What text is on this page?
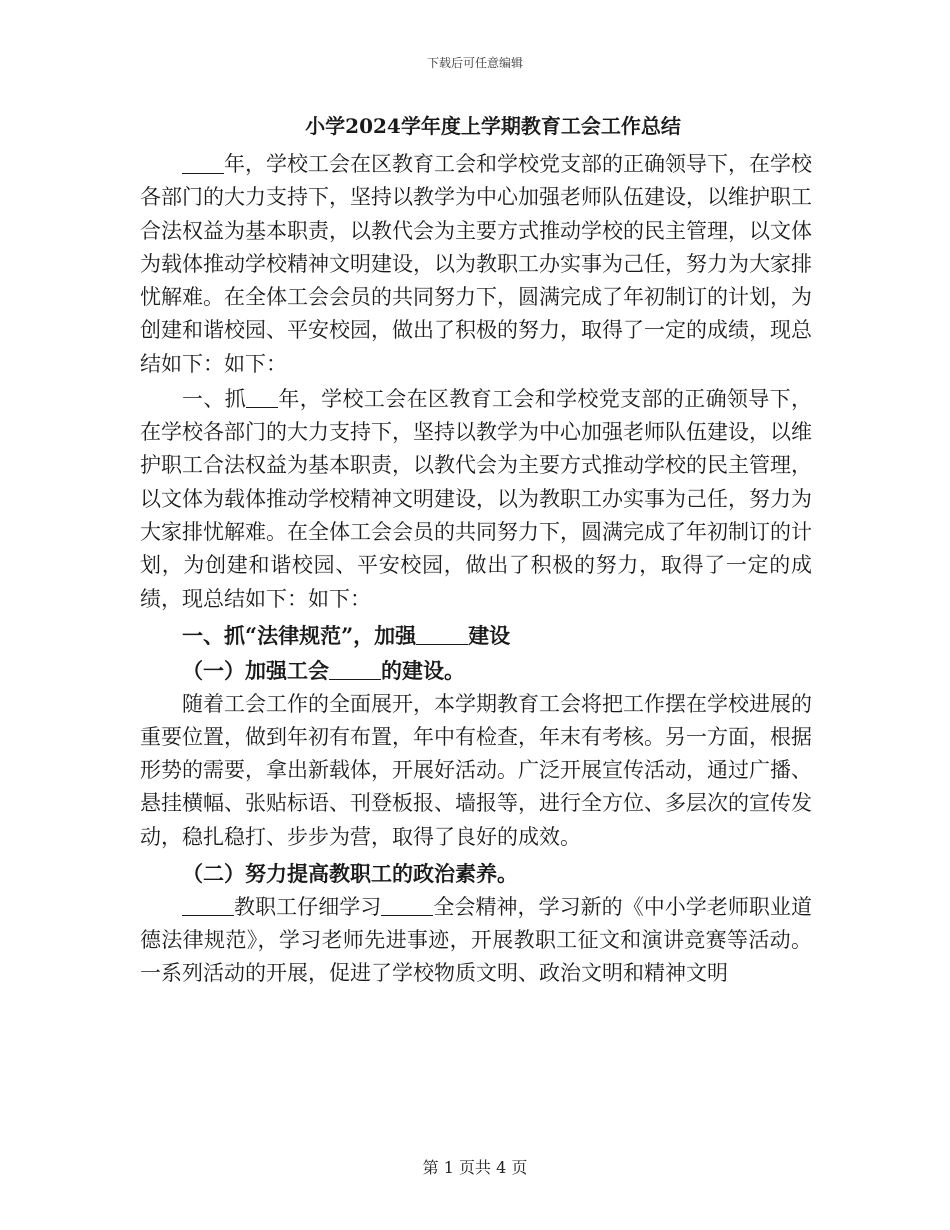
下载后可任意编辑
小学2024学年度上学期教育工会工作总结

年，学校工会在区教育工会和学校党支部的正确领导下，在学校各部门的大力支持下，坚持以教学为中心加强老师队伍建设，以维护职工合法权益为基本职责，以教代会为主要方式推动学校的民主管理，以文体为载体推动学校精神文明建设，以为教职工办实事为己任，努力为大家排忧解难。在全体工会会员的共同努力下，圆满完成了年初制订的计划，为创建和谐校园、平安校园，做出了积极的努力，取得了一定的成绩，现总结如下：如下：

一、抓 年，学校工会在区教育工会和学校党支部的正确领导下，在学校各部门的大力支持下，坚持以教学为中心加强老师队伍建设，以维护职工合法权益为基本职责，以教代会为主要方式推动学校的民主管理，以文体为载体推动学校精神文明建设，以为教职工办实事为己任，努力为大家排忧解难。在全体工会会员的共同努力下，圆满完成了年初制订的计划，为创建和谐校园、平安校园，做出了积极的努力，取得了一定的成绩，现总结如下：如下：

一、抓“法律规范”，加强 建设

（一）加强工会 的建设。

随着工会工作的全面展开，本学期教育工会将把工作摆在学校进展的重要位置，做到年初有布置，年中有检查，年末有考核。另一方面，根据形势的需要，拿出新载体，开展好活动。广泛开展宣传活动，通过广播、悬挂横幅、张贴标语、刊登板报、墙报等，进行全方位、多层次的宣传发动，稳扎稳打、步步为营，取得了良好的成效。

（二）努力提高教职工的政治素养。

教职工仔细学习 全会精神，学习新的《中小学老师职业道德法律规范》，学习老师先进事迹，开展教职工征文和演讲竞赛等活动。一系列活动的开展，促进了学校物质文明、政治文明和精神文明

第 1 页共 4 页
